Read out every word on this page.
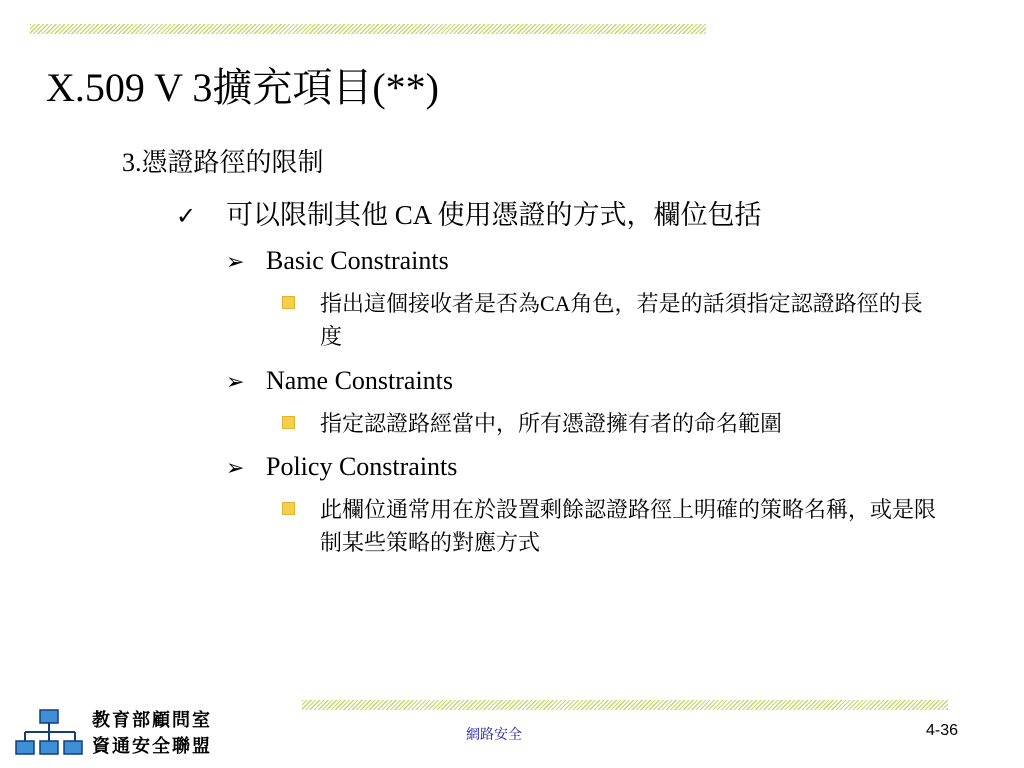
X.509 V 3擴充項目(**)
3.憑證路徑的限制
✓ 可以限制其他 CA 使用憑證的方式，欄位包括
➢ Basic Constraints
指出這個接收者是否為CA角色，若是的話須指定認證路徑的長度
➢ Name Constraints
指定認證路經當中，所有憑證擁有者的命名範圍
➢ Policy Constraints
此欄位通常用在於設置剩餘認證路徑上明確的策略名稱，或是限制某些策略的對應方式
教育部顧問室
資通安全聯盟
網路安全	4-36
